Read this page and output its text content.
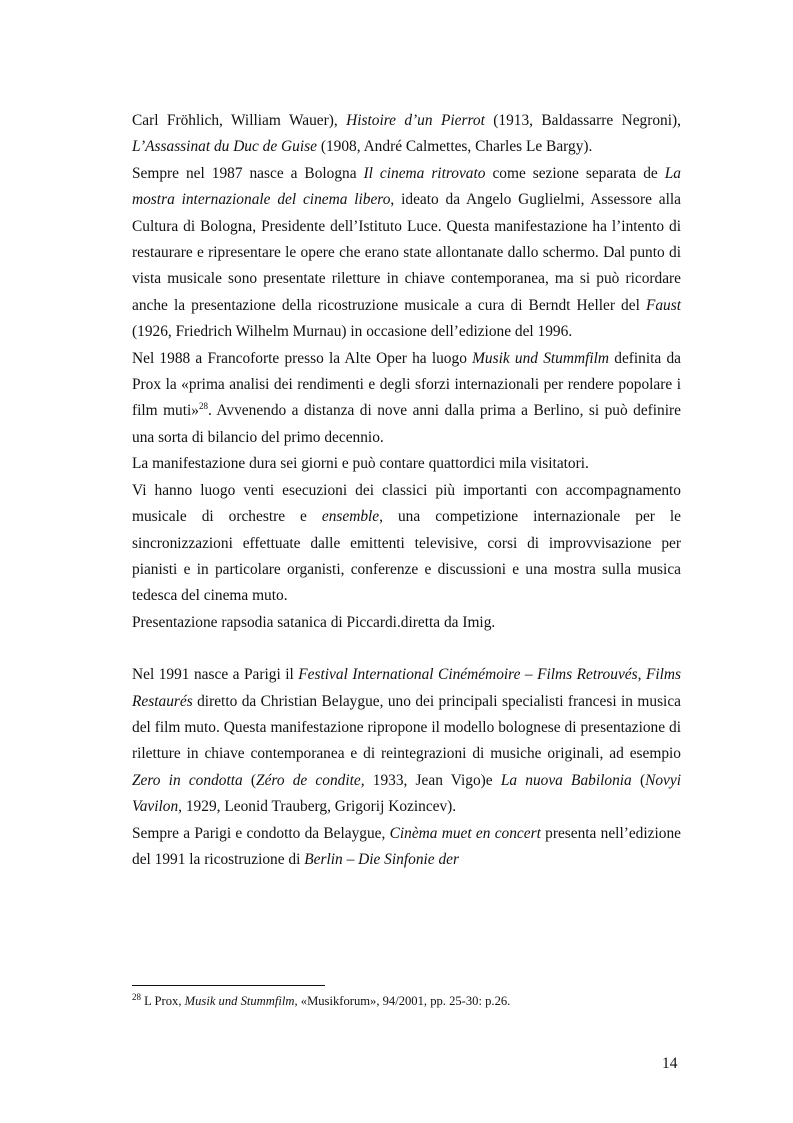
Carl Fröhlich, William Wauer), Histoire d’un Pierrot (1913, Baldassarre Negroni), L’Assassinat du Duc de Guise (1908, André Calmettes, Charles Le Bargy).

Sempre nel 1987 nasce a Bologna Il cinema ritrovato come sezione separata de La mostra internazionale del cinema libero, ideato da Angelo Guglielmi, Assessore alla Cultura di Bologna, Presidente dell’Istituto Luce. Questa manifestazione ha l’intento di restaurare e ripresentare le opere che erano state allontanate dallo schermo. Dal punto di vista musicale sono presentate riletture in chiave contemporanea, ma si può ricordare anche la presentazione della ricostruzione musicale a cura di Berndt Heller del Faust (1926, Friedrich Wilhelm Murnau) in occasione dell’edizione del 1996.

Nel 1988 a Francoforte presso la Alte Oper ha luogo Musik und Stummfilm definita da Prox la «prima analisi dei rendimenti e degli sforzi internazionali per rendere popolare i film muti»$^{28}$. Avvenendo a distanza di nove anni dalla prima a Berlino, si può definire una sorta di bilancio del primo decennio.

La manifestazione dura sei giorni e può contare quattordici mila visitatori.

Vi hanno luogo venti esecuzioni dei classici più importanti con accompagnamento musicale di orchestre e ensemble, una competizione internazionale per le sincronizzazioni effettuate dalle emittenti televisive, corsi di improvvisazione per pianisti e in particolare organisti, conferenze e discussioni e una mostra sulla musica tedesca del cinema muto.

Presentazione rapsodia satanica di Piccardi.diretta da Imig.

Nel 1991 nasce a Parigi il Festival International Cinémémoire – Films Retrouvés, Films Restaurés diretto da Christian Belaygue, uno dei principali specialisti francesi in musica del film muto. Questa manifestazione ripropone il modello bolognese di presentazione di riletture in chiave contemporanea e di reintegrazioni di musiche originali, ad esempio Zero in condotta (Zéro de condite, 1933, Jean Vigo)e La nuova Babilonia (Novyi Vavilon, 1929, Leonid Trauberg, Grigorij Kozincev).

Sempre a Parigi e condotto da Belaygue, Cinèma muet en concert presenta nell’edizione del 1991 la ricostruzione di Berlin – Die Sinfonie der

$^{28}$ L Prox, Musik und Stummfilm, «Musikforum», 94/2001, pp. 25-30: p.26.
14
